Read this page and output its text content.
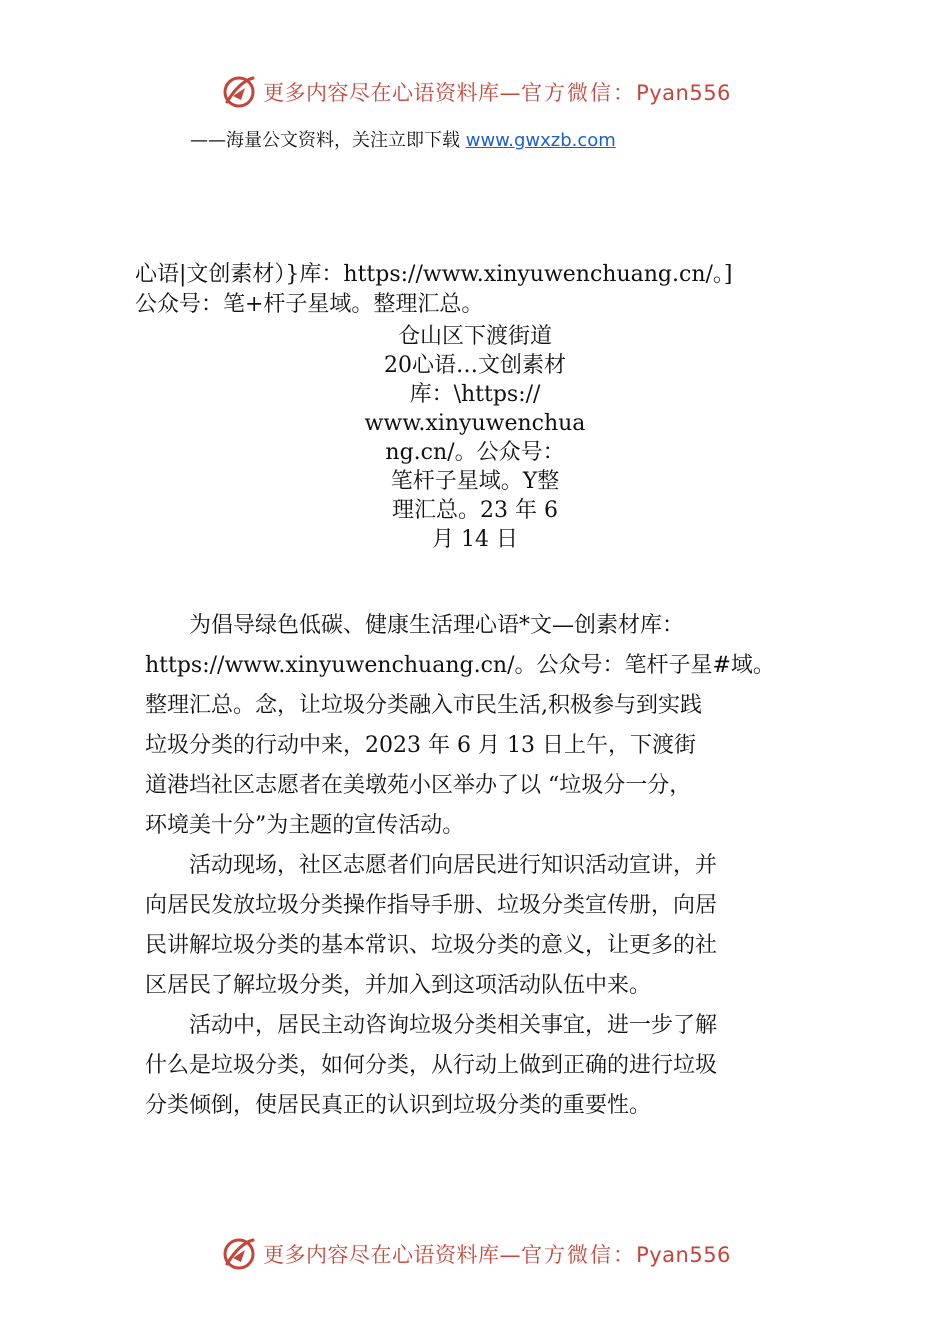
更多内容尽在心语资料库—官方微信：Pyan556
——海量公文资料，关注立即下载 www.gwxzb.com
心语|文创素材）}库：https://www.xinyuwenchuang.cn/。]
公众号：笔+杆子星域。整理汇总。
仓山区下渡街道
20心语…文创素材
库：\https://
www.xinyuwenchua
ng.cn/。公众号：
笔杆子星域。Y整
理汇总。23 年 6
月 14 日
为倡导绿色低碳、健康生活理心语*文—创素材库：
https://www.xinyuwenchuang.cn/。公众号：笔杆子星#域。
整理汇总。念，让垃圾分类融入市民生活,积极参与到实践
垃圾分类的行动中来，2023 年 6 月 13 日上午，下渡街
道港垱社区志愿者在美墩苑小区举办了以 “垃圾分一分，
环境美十分”为主题的宣传活动。
活动现场，社区志愿者们向居民进行知识活动宣讲，并
向居民发放垃圾分类操作指导手册、垃圾分类宣传册，向居
民讲解垃圾分类的基本常识、垃圾分类的意义，让更多的社
区居民了解垃圾分类，并加入到这项活动队伍中来。
活动中，居民主动咨询垃圾分类相关事宜，进一步了解
什么是垃圾分类，如何分类，从行动上做到正确的进行垃圾
分类倾倒，使居民真正的认识到垃圾分类的重要性。
更多内容尽在心语资料库—官方微信：Pyan556
